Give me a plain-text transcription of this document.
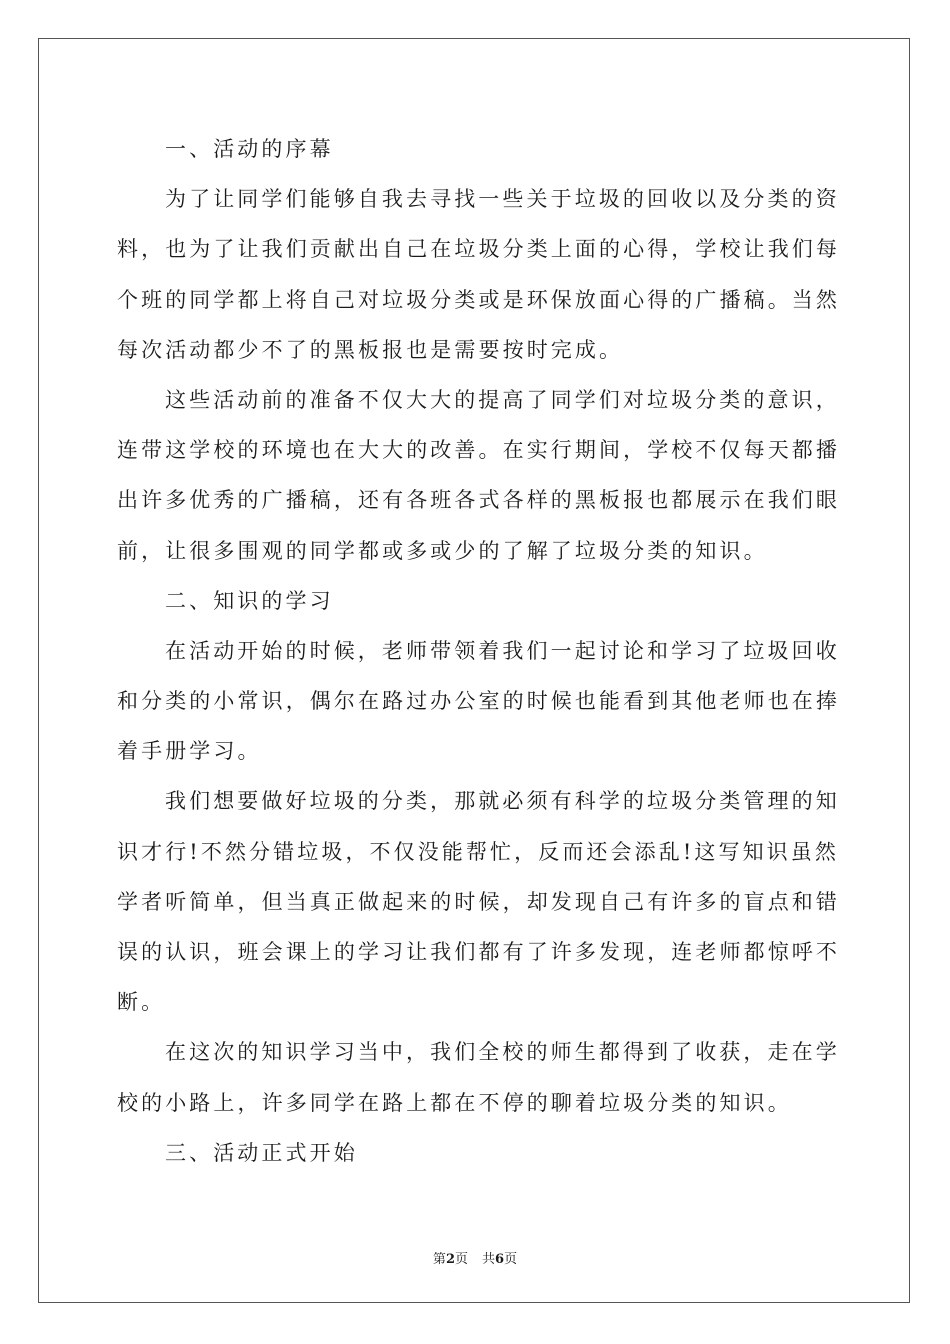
一、活动的序幕
为了让同学们能够自我去寻找一些关于垃圾的回收以及分类的资
料，也为了让我们贡献出自己在垃圾分类上面的心得，学校让我们每
个班的同学都上将自己对垃圾分类或是环保放面心得的广播稿。当然
每次活动都少不了的黑板报也是需要按时完成。
这些活动前的准备不仅大大的提高了同学们对垃圾分类的意识，
连带这学校的环境也在大大的改善。在实行期间，学校不仅每天都播
出许多优秀的广播稿，还有各班各式各样的黑板报也都展示在我们眼
前，让很多围观的同学都或多或少的了解了垃圾分类的知识。
二、知识的学习
在活动开始的时候，老师带领着我们一起讨论和学习了垃圾回收
和分类的小常识，偶尔在路过办公室的时候也能看到其他老师也在捧
着手册学习。
我们想要做好垃圾的分类，那就必须有科学的垃圾分类管理的知
识才行!不然分错垃圾，不仅没能帮忙，反而还会添乱!这写知识虽然
学者听简单，但当真正做起来的时候，却发现自己有许多的盲点和错
误的认识，班会课上的学习让我们都有了许多发现，连老师都惊呼不
断。
在这次的知识学习当中，我们全校的师生都得到了收获，走在学
校的小路上，许多同学在路上都在不停的聊着垃圾分类的知识。
三、活动正式开始
第2页 共6页
